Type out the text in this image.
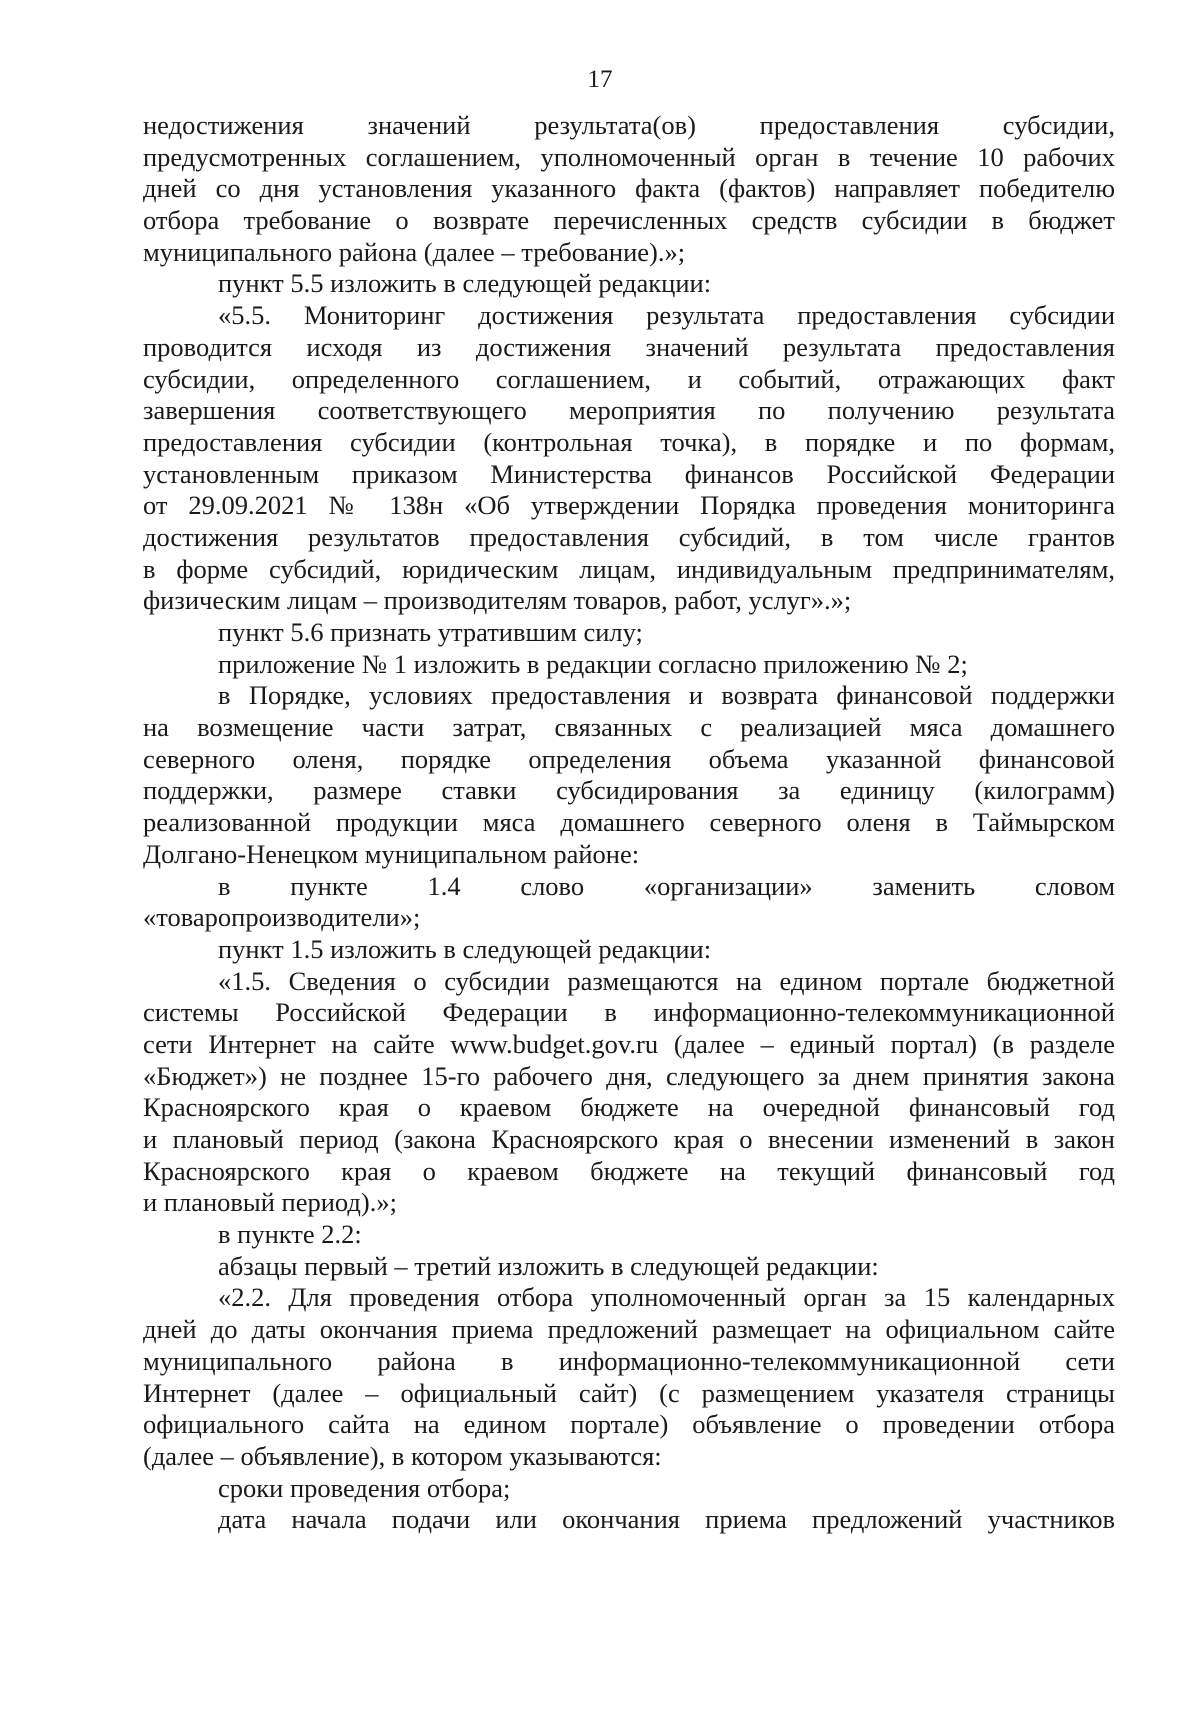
17
недостижения значений результата(ов) предоставления субсидии,
предусмотренных соглашением, уполномоченный орган в течение 10 рабочих
дней со дня установления указанного факта (фактов) направляет победителю
отбора требование о возврате перечисленных средств субсидии в бюджет
муниципального района (далее – требование).»;
пункт 5.5 изложить в следующей редакции:
«5.5. Мониторинг достижения результата предоставления субсидии
проводится исходя из достижения значений результата предоставления
субсидии, определенного соглашением, и событий, отражающих факт
завершения соответствующего мероприятия по получению результата
предоставления субсидии (контрольная точка), в порядке и по формам,
установленным приказом Министерства финансов Российской Федерации
от 29.09.2021 № 138н «Об утверждении Порядка проведения мониторинга
достижения результатов предоставления субсидий, в том числе грантов
в форме субсидий, юридическим лицам, индивидуальным предпринимателям,
физическим лицам – производителям товаров, работ, услуг».»;
пункт 5.6 признать утратившим силу;
приложение № 1 изложить в редакции согласно приложению № 2;
в Порядке, условиях предоставления и возврата финансовой поддержки
на возмещение части затрат, связанных с реализацией мяса домашнего
северного оленя, порядке определения объема указанной финансовой
поддержки, размере ставки субсидирования за единицу (килограмм)
реализованной продукции мяса домашнего северного оленя в Таймырском
Долгано-Ненецком муниципальном районе:
в пункте 1.4 слово «организации» заменить словом
«товаропроизводители»;
пункт 1.5 изложить в следующей редакции:
«1.5. Сведения о субсидии размещаются на едином портале бюджетной
системы Российской Федерации в информационно-телекоммуникационной
сети Интернет на сайте www.budget.gov.ru (далее – единый портал) (в разделе
«Бюджет») не позднее 15-го рабочего дня, следующего за днем принятия закона
Красноярского края о краевом бюджете на очередной финансовый год
и плановый период (закона Красноярского края о внесении изменений в закон
Красноярского края о краевом бюджете на текущий финансовый год
и плановый период).»;
в пункте 2.2:
абзацы первый – третий изложить в следующей редакции:
«2.2. Для проведения отбора уполномоченный орган за 15 календарных
дней до даты окончания приема предложений размещает на официальном сайте
муниципального района в информационно-телекоммуникационной сети
Интернет (далее – официальный сайт) (с размещением указателя страницы
официального сайта на едином портале) объявление о проведении отбора
(далее – объявление), в котором указываются:
сроки проведения отбора;
дата начала подачи или окончания приема предложений участников
